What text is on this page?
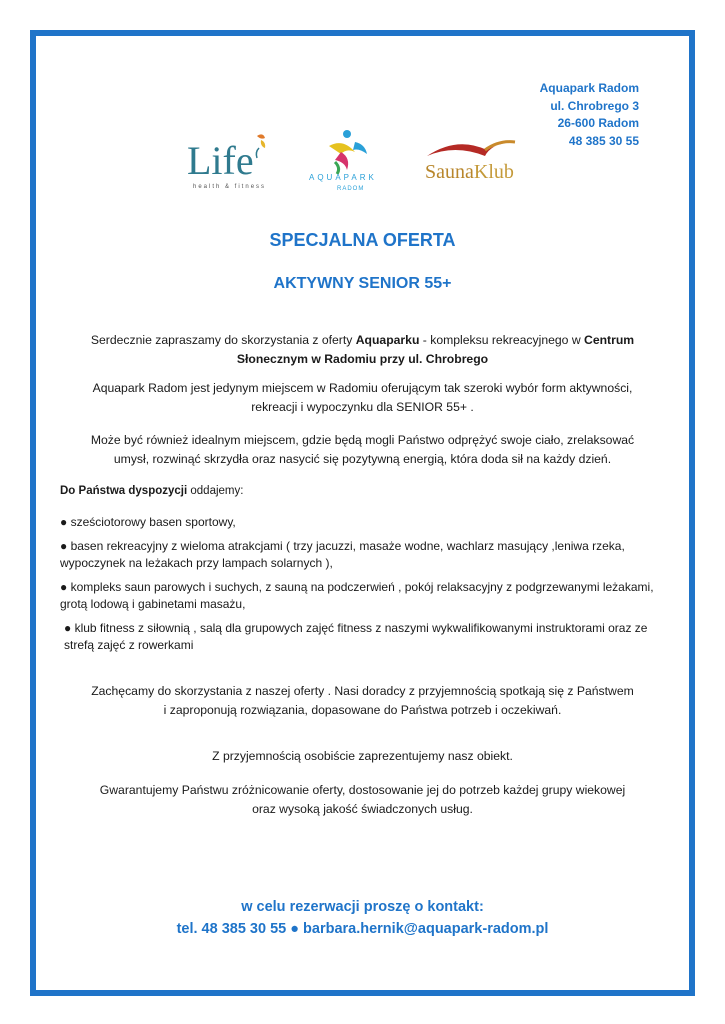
Aquapark Radom
ul. Chrobrego 3
26-600 Radom
48 385 30 55
Life
health & fitness
AQUAPARK
RADOM
SaunaKlub
SPECJALNA OFERTA
AKTYWNY SENIOR 55+
Serdecznie zapraszamy do skorzystania z oferty Aquaparku - kompleksu rekreacyjnego w Centrum Słonecznym w Radomiu przy ul. Chrobrego
Aquapark Radom jest jedynym miejscem w Radomiu oferującym tak szeroki wybór form aktywności,
rekreacji i wypoczynku dla SENIOR 55+ .
Może być również idealnym miejscem, gdzie będą mogli Państwo odprężyć swoje ciało, zrelaksować
umysł, rozwinąć skrzydła oraz nasycić się pozytywną energią, która doda sił na każdy dzień.
Do Państwa dyspozycji oddajemy:
● sześciotorowy basen sportowy,
● basen rekreacyjny z wieloma atrakcjami ( trzy jacuzzi, masaże wodne, wachlarz masujący ,leniwa rzeka, wypoczynek na leżakach przy lampach solarnych ),
● kompleks saun parowych i suchych, z sauną na podczerwień , pokój relaksacyjny z podgrzewanymi leżakami, grotą lodową i gabinetami masażu,
● klub fitness z siłownią , salą dla grupowych zajęć fitness z naszymi wykwalifikowanymi instruktorami oraz ze strefą zajęć z rowerkami
Zachęcamy do skorzystania z naszej oferty . Nasi doradcy z przyjemnością spotkają się z Państwem
i zaproponują rozwiązania, dopasowane do Państwa potrzeb i oczekiwań.
Z przyjemnością osobiście zaprezentujemy nasz obiekt.
Gwarantujemy Państwu zróżnicowanie oferty, dostosowanie jej do potrzeb każdej grupy wiekowej
oraz wysoką jakość świadczonych usług.
w celu rezerwacji proszę o kontakt:
tel. 48 385 30 55 ● barbara.hernik@aquapark-radom.pl
